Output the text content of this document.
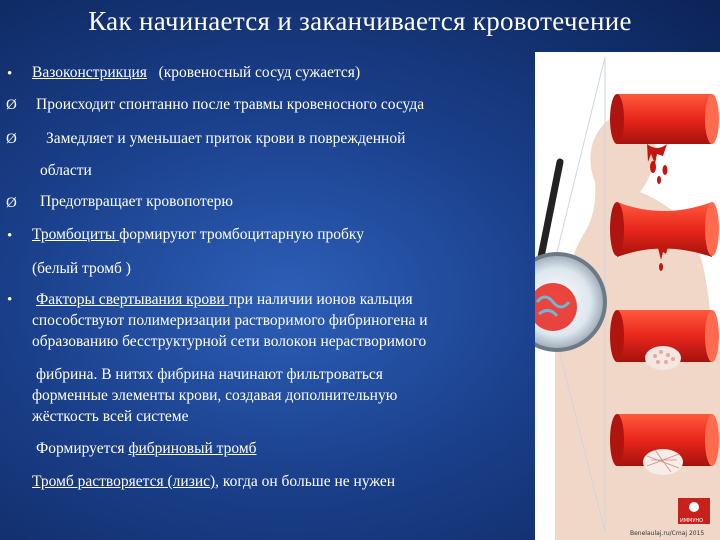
Как начинается и заканчивается кровотечение
• Вазоконстрикция (кровеносный сосуд сужается)
Ø Происходит спонтанно после травмы кровеносного сосуда
Ø Замедляет и уменьшает приток крови в поврежденной
области
Ø Предотвращает кровопотерю
• Тромбоциты формируют тромбоцитарную пробку
(белый тромб )
• Факторы свертывания крови при наличии ионов кальция
способствуют полимеризации растворимого фибриногена и
образованию бесструктурной сети волокон нерастворимого
фибрина. В нитях фибрина начинают фильтроваться
форменные элементы крови, создавая дополнительную
жёсткость всей системе
Формируется фибриновый тромб
Тромб растворяется (лизис), когда он больше не нужен
ИММУНО
Bеnelaulaj.ru/Cmaj 2015
